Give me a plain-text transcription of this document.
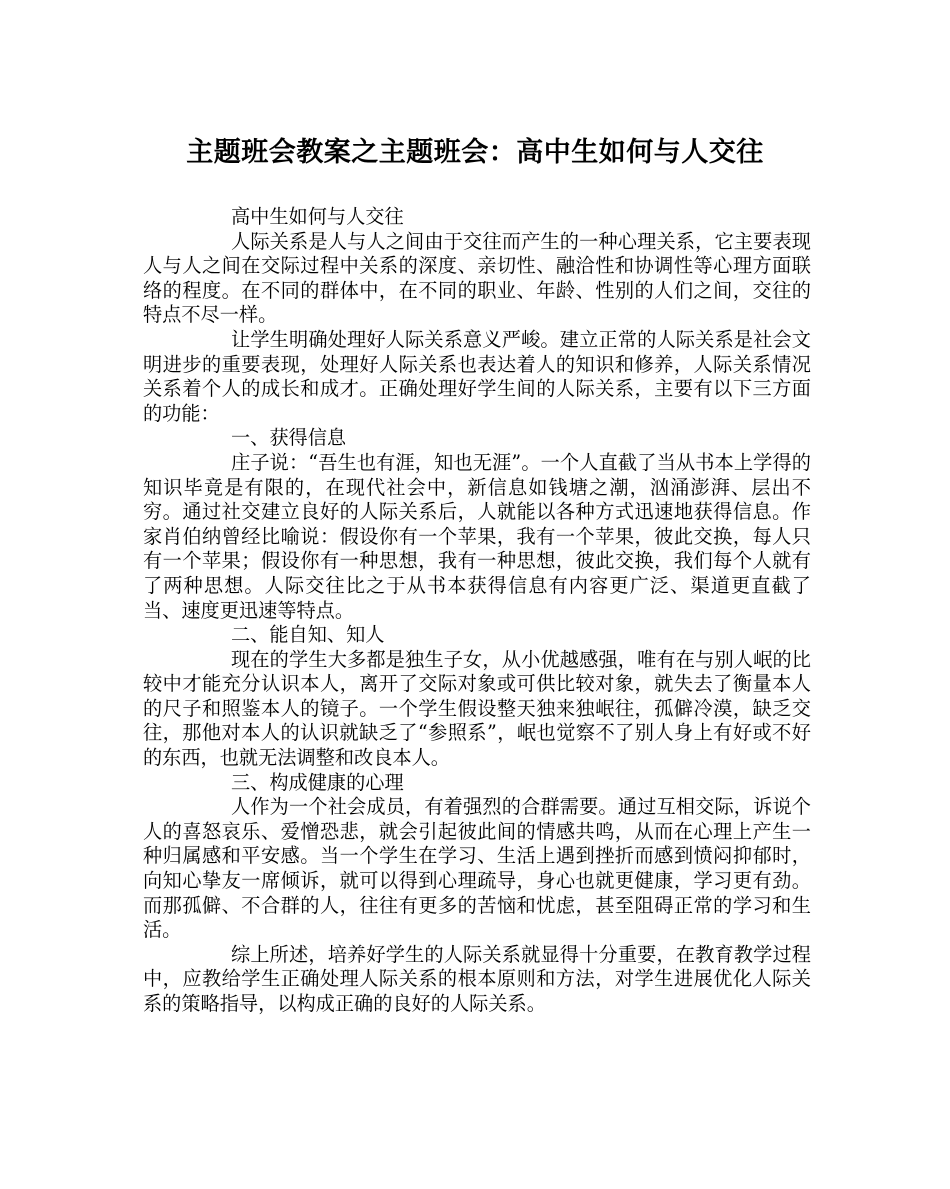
主题班会教案之主题班会：高中生如何与人交往

高中生如何与人交往

人际关系是人与人之间由于交往而产生的一种心理关系，它主要表现人与人之间在交际过程中关系的深度、亲切性、融洽性和协调性等心理方面联络的程度。在不同的群体中，在不同的职业、年龄、性别的人们之间，交往的特点不尽一样。

让学生明确处理好人际关系意义严峻。建立正常的人际关系是社会文明进步的重要表现，处理好人际关系也表达着人的知识和修养，人际关系情况关系着个人的成长和成才。正确处理好学生间的人际关系，主要有以下三方面的功能：

一、获得信息

庄子说：“吾生也有涯，知也无涯”。一个人直截了当从书本上学得的知识毕竟是有限的，在现代社会中，新信息如钱塘之潮，汹涌澎湃、层出不穷。通过社交建立良好的人际关系后，人就能以各种方式迅速地获得信息。作家肖伯纳曾经比喻说：假设你有一个苹果，我有一个苹果，彼此交换，每人只有一个苹果；假设你有一种思想，我有一种思想，彼此交换，我们每个人就有了两种思想。人际交往比之于从书本获得信息有内容更广泛、渠道更直截了当、速度更迅速等特点。

二、能自知、知人

现在的学生大多都是独生子女，从小优越感强，唯有在与别人岷的比较中才能充分认识本人，离开了交际对象或可供比较对象，就失去了衡量本人的尺子和照鉴本人的镜子。一个学生假设整天独来独岷往，孤僻冷漠，缺乏交往，那他对本人的认识就缺乏了“参照系”，岷也觉察不了别人身上有好或不好的东西，也就无法调整和改良本人。

三、构成健康的心理

人作为一个社会成员，有着强烈的合群需要。通过互相交际，诉说个人的喜怒哀乐、爱憎恐悲，就会引起彼此间的情感共鸣，从而在心理上产生一种归属感和平安感。当一个学生在学习、生活上遇到挫折而感到愤闷抑郁时，向知心挚友一席倾诉，就可以得到心理疏导，身心也就更健康，学习更有劲。而那孤僻、不合群的人，往往有更多的苦恼和忧虑，甚至阻碍正常的学习和生活。

综上所述，培养好学生的人际关系就显得十分重要，在教育教学过程中，应教给学生正确处理人际关系的根本原则和方法，对学生进展优化人际关系的策略指导，以构成正确的良好的人际关系。
